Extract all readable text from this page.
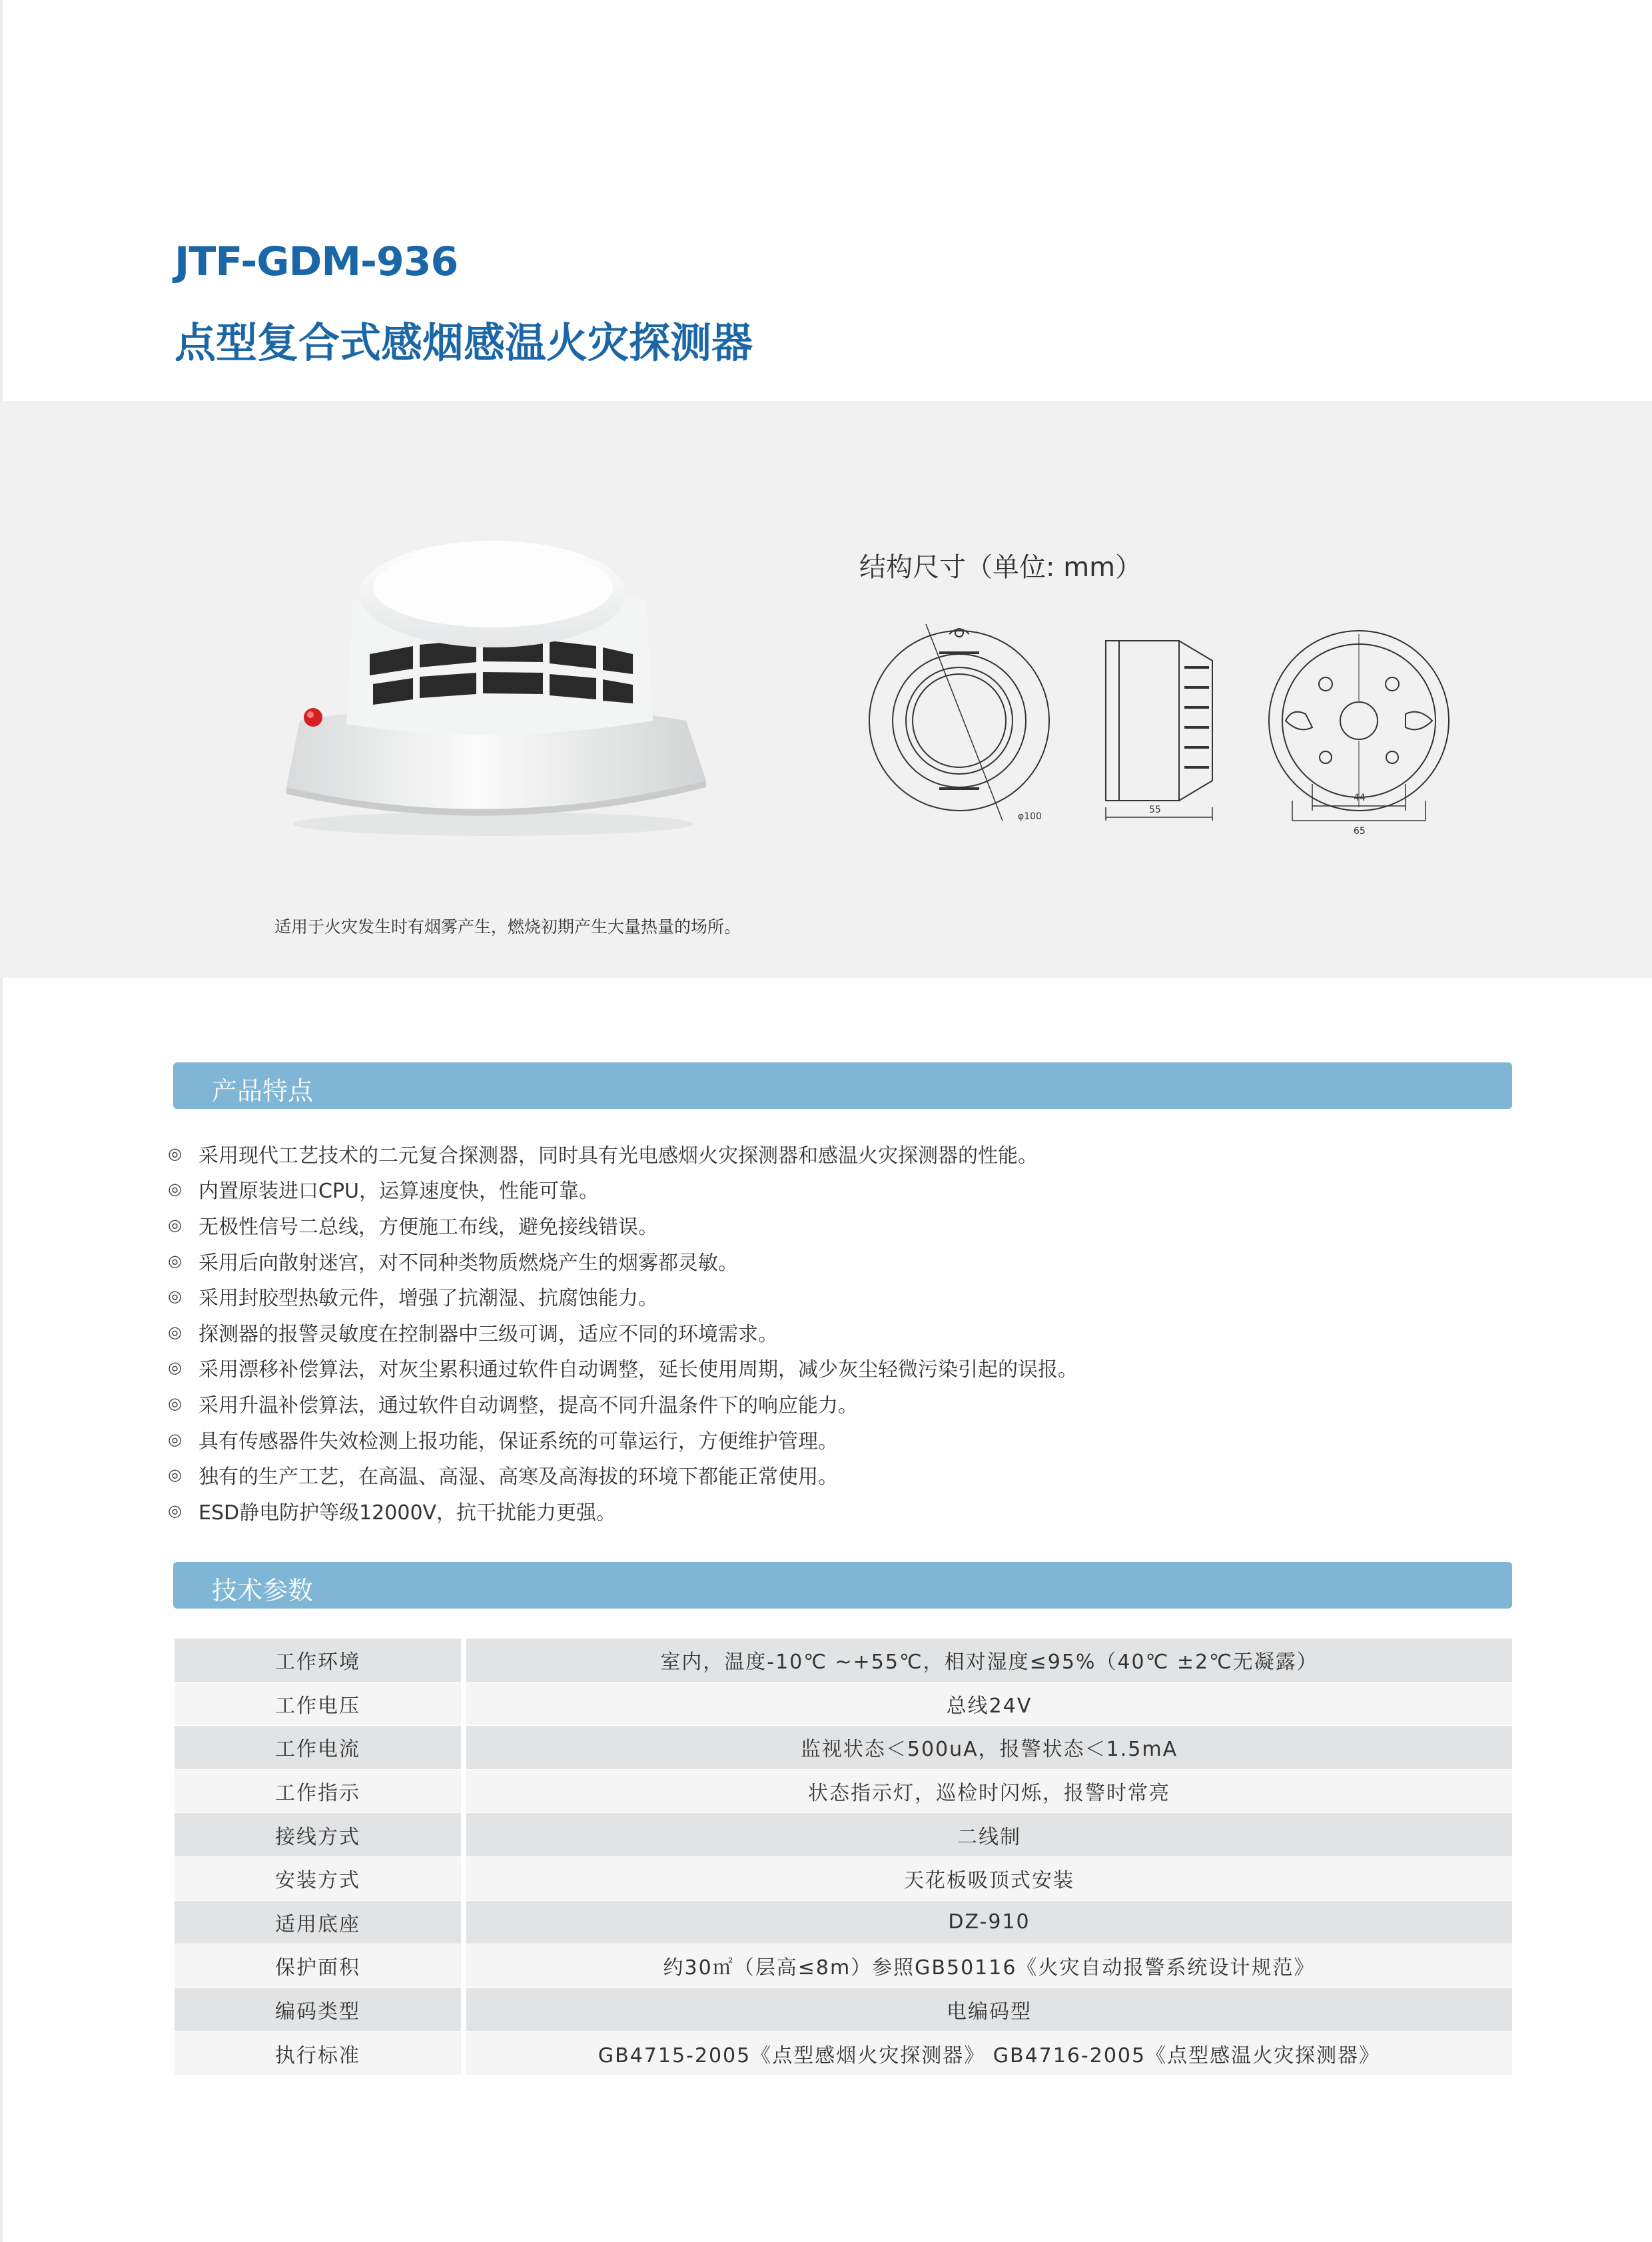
JTF-GDM-936
点型复合式感烟感温火灾探测器
结构尺寸（单位: mm）
φ100
55
44
65
适用于火灾发生时有烟雾产生，燃烧初期产生大量热量的场所。
产品特点
◎ 采用现代工艺技术的二元复合探测器，同时具有光电感烟火灾探测器和感温火灾探测器的性能。
◎ 内置原装进口CPU，运算速度快，性能可靠。
◎ 无极性信号二总线，方便施工布线，避免接线错误。
◎ 采用后向散射迷宫，对不同种类物质燃烧产生的烟雾都灵敏。
◎ 采用封胶型热敏元件，增强了抗潮湿、抗腐蚀能力。
◎ 探测器的报警灵敏度在控制器中三级可调，适应不同的环境需求。
◎ 采用漂移补偿算法，对灰尘累积通过软件自动调整，延长使用周期，减少灰尘轻微污染引起的误报。
◎ 采用升温补偿算法，通过软件自动调整，提高不同升温条件下的响应能力。
◎ 具有传感器件失效检测上报功能，保证系统的可靠运行，方便维护管理。
◎ 独有的生产工艺，在高温、高湿、高寒及高海拔的环境下都能正常使用。
◎ ESD静电防护等级12000V，抗干扰能力更强。
技术参数
工作环境	室内，温度-10℃ ~+55℃，相对湿度≤95%（40℃ ±2℃无凝露）
工作电压	总线24V
工作电流	监视状态＜500uA，报警状态＜1.5mA
工作指示	状态指示灯，巡检时闪烁，报警时常亮
接线方式	二线制
安装方式	天花板吸顶式安装
适用底座	DZ-910
保护面积	约30㎡（层高≤8m）参照GB50116《火灾自动报警系统设计规范》
编码类型	电编码型
执行标准	GB4715-2005《点型感烟火灾探测器》 GB4716-2005《点型感温火灾探测器》
